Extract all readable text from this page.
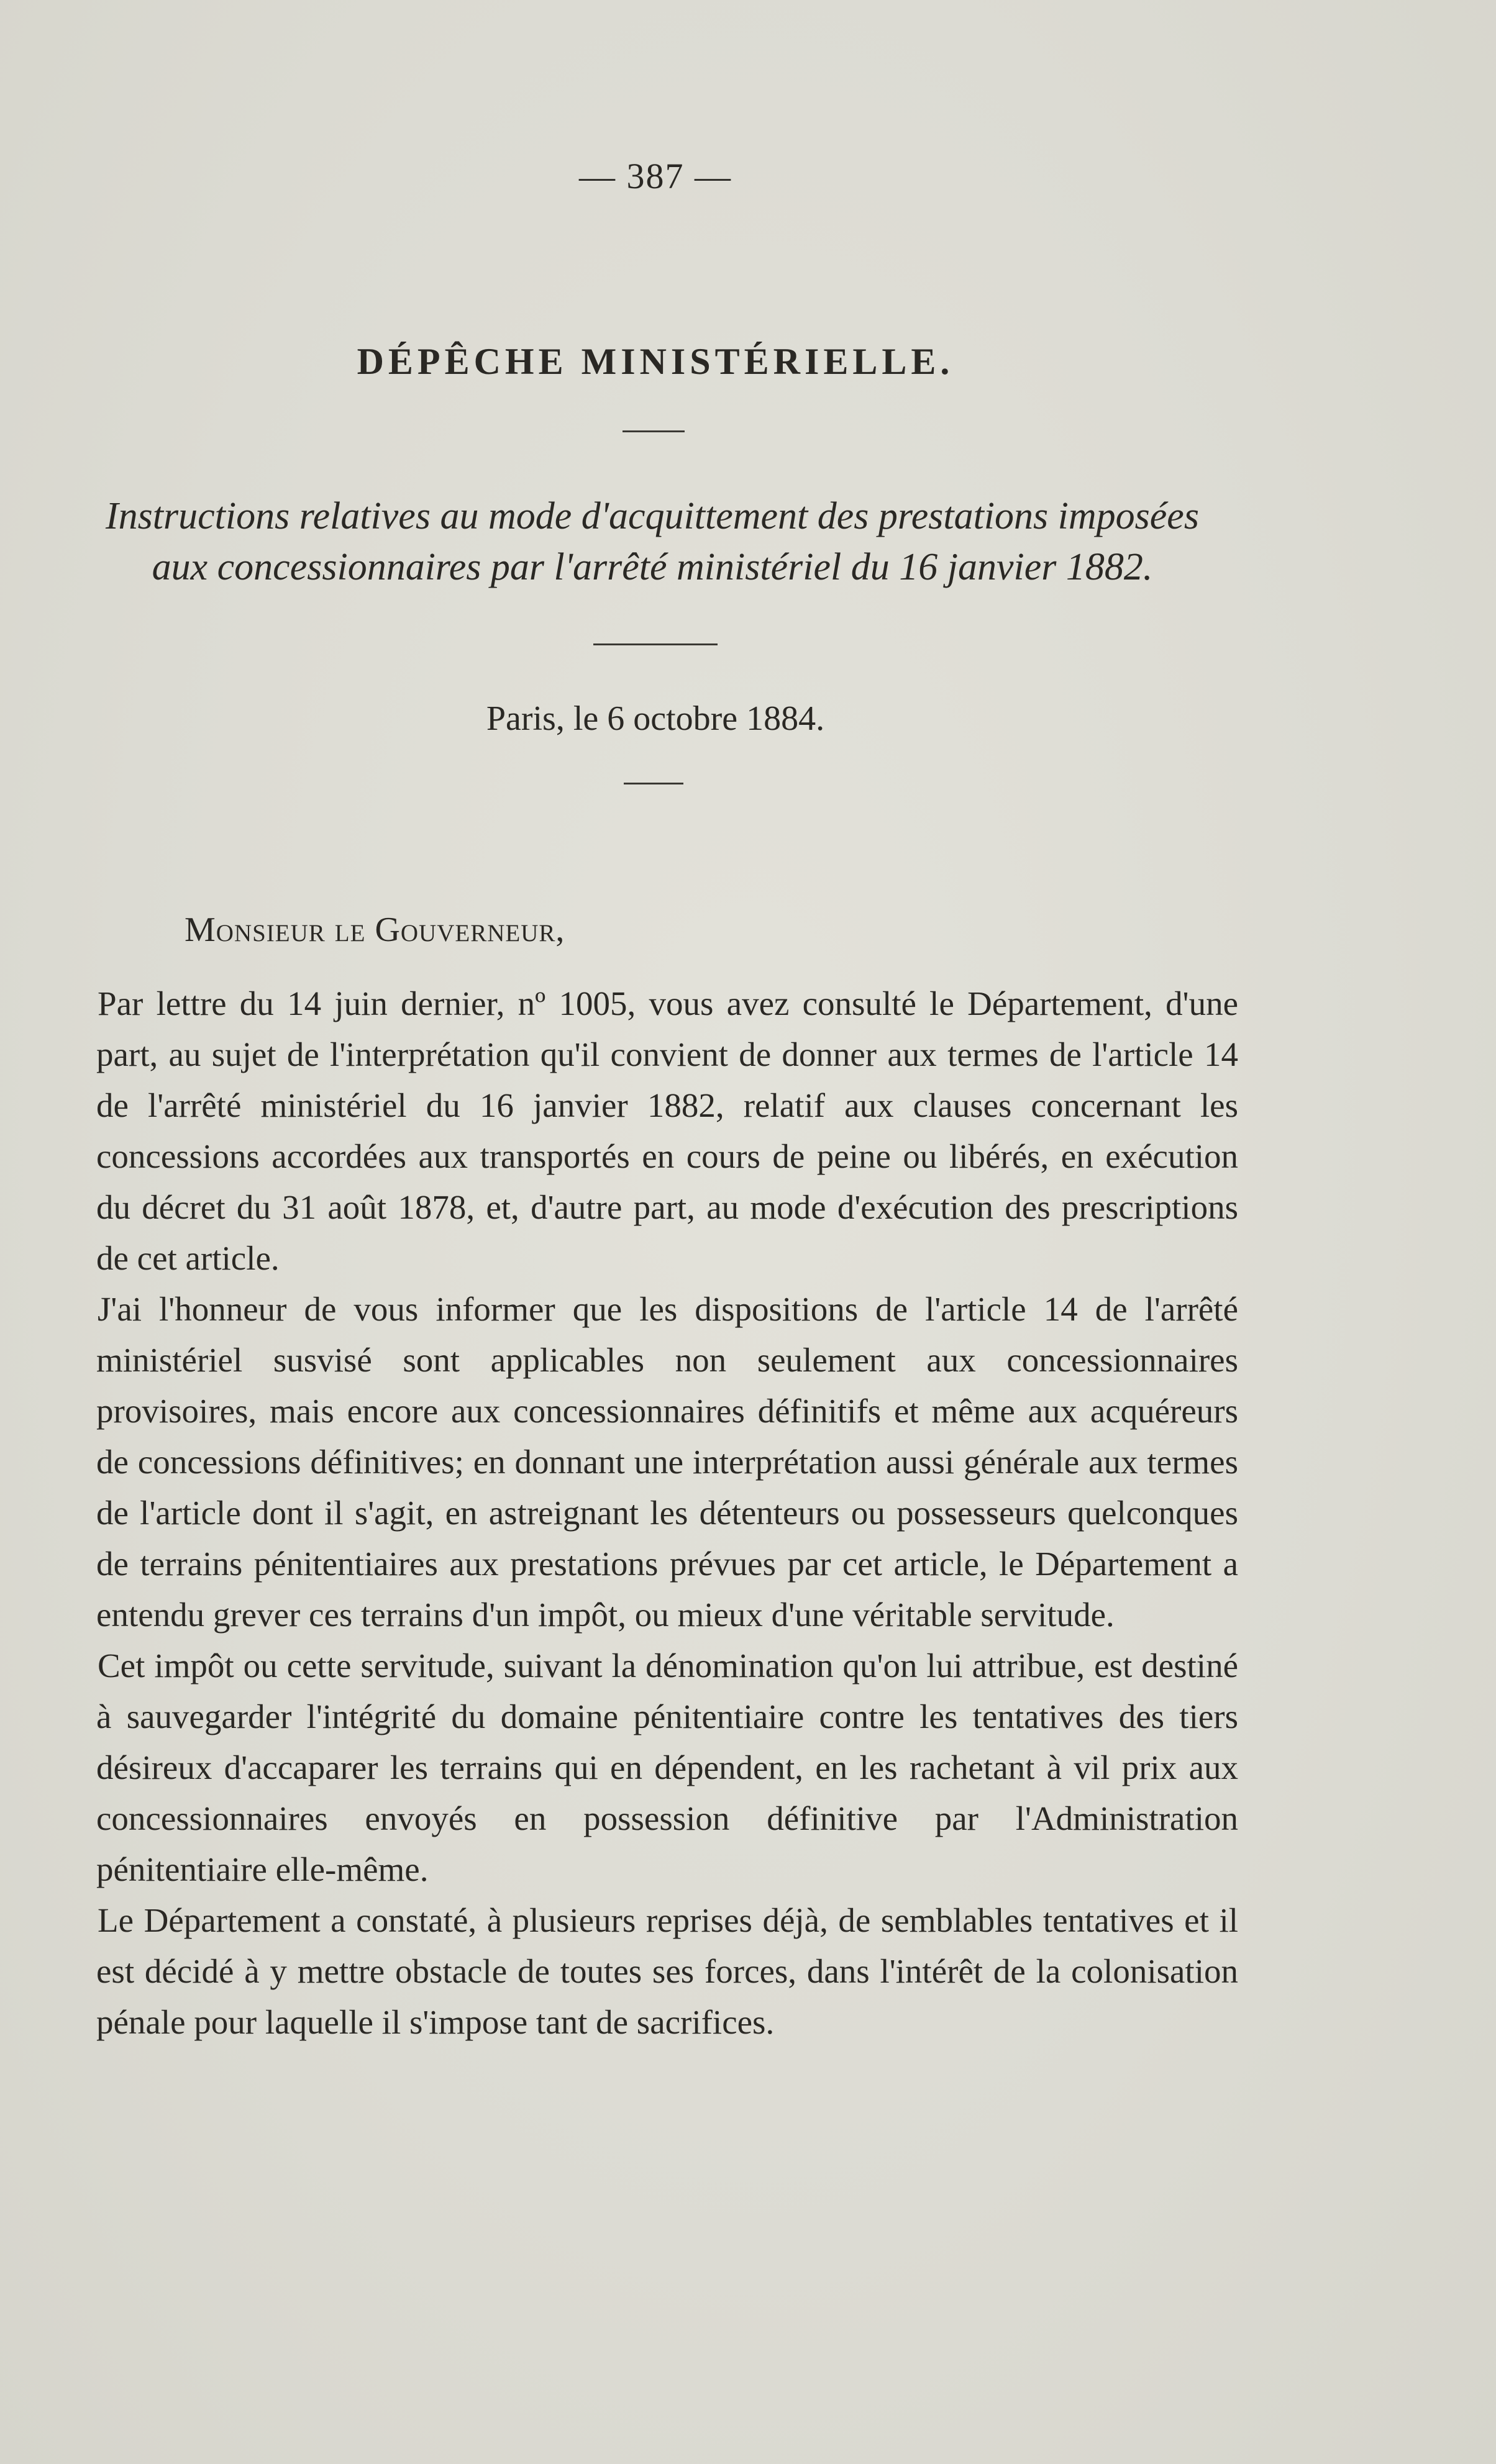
— 387 —
DÉPÊCHE MINISTÉRIELLE.
Instructions relatives au mode d'acquittement des prestations imposées
aux concessionnaires par l'arrêté ministériel du 16 janvier 1882.
Paris, le 6 octobre 1884.
Monsieur le Gouverneur,

Par lettre du 14 juin dernier, nº 1005, vous avez consulté le Département, d'une part, au sujet de l'interprétation qu'il convient de donner aux termes de l'article 14 de l'arrêté ministériel du 16 janvier 1882, relatif aux clauses concernant les concessions accordées aux transportés en cours de peine ou libérés, en exécution du décret du 31 août 1878, et, d'autre part, au mode d'exécution des prescriptions de cet article.

J'ai l'honneur de vous informer que les dispositions de l'article 14 de l'arrêté ministériel susvisé sont applicables non seulement aux concessionnaires provisoires, mais encore aux concessionnaires définitifs et même aux acquéreurs de concessions définitives; en donnant une interprétation aussi générale aux termes de l'article dont il s'agit, en astreignant les détenteurs ou possesseurs quelconques de terrains pénitentiaires aux prestations prévues par cet article, le Département a entendu grever ces terrains d'un impôt, ou mieux d'une véritable servitude.

Cet impôt ou cette servitude, suivant la dénomination qu'on lui attribue, est destiné à sauvegarder l'intégrité du domaine pénitentiaire contre les tentatives des tiers désireux d'accaparer les terrains qui en dépendent, en les rachetant à vil prix aux concessionnaires envoyés en possession définitive par l'Administration pénitentiaire elle-même.

Le Département a constaté, à plusieurs reprises déjà, de semblables tentatives et il est décidé à y mettre obstacle de toutes ses forces, dans l'intérêt de la colonisation pénale pour laquelle il s'impose tant de sacrifices.
